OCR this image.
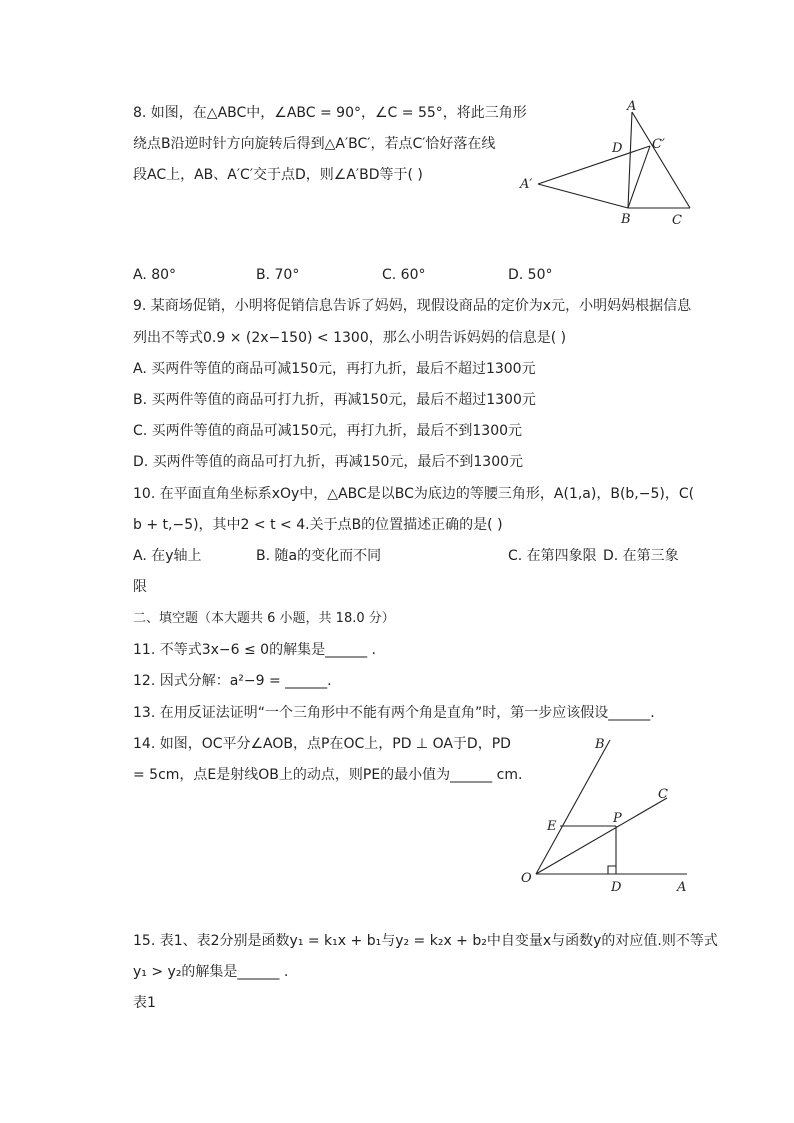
8. 如图，在△ABC中，∠ABC = 90°，∠C = 55°，将此三角形
绕点B沿逆时针方向旋转后得到△A′BC′，若点C′恰好落在线
段AC上，AB、A′C′交于点D，则∠A′BD等于( )
A
C′
D
A′
B	C
A. 80°	B. 70°	C. 60°	D. 50°
9. 某商场促销，小明将促销信息告诉了妈妈，现假设商品的定价为x元，小明妈妈根据信息
列出不等式0.9 × (2x−150) < 1300，那么小明告诉妈妈的信息是( )
A. 买两件等值的商品可减150元，再打九折，最后不超过1300元
B. 买两件等值的商品可打九折，再减150元，最后不超过1300元
C. 买两件等值的商品可减150元，再打九折，最后不到1300元
D. 买两件等值的商品可打九折，再减150元，最后不到1300元
10. 在平面直角坐标系xOy中，△ABC是以BC为底边的等腰三角形，A(1,a)，B(b,−5)，C(
b + t,−5)，其中2 < t < 4.关于点B的位置描述正确的是( )
A. 在y轴上	B. 随a的变化而不同	C. 在第四象限 D. 在第三象
限
二、填空题（本大题共 6 小题，共 18.0 分）
11. 不等式3x−6 ≤ 0的解集是______ .
12. 因式分解：a²−9 = ______.
13. 在用反证法证明“一个三角形中不能有两个角是直角”时，第一步应该假设______.
14. 如图，OC平分∠AOB，点P在OC上，PD ⊥ OA于D，PD
= 5cm，点E是射线OB上的动点，则PE的最小值为______ cm.
B
C
E
P
O
D	A
15. 表1、表2分别是函数y₁ = k₁x + b₁与y₂ = k₂x + b₂中自变量x与函数y的对应值.则不等式
y₁ > y₂的解集是______ .
表1
